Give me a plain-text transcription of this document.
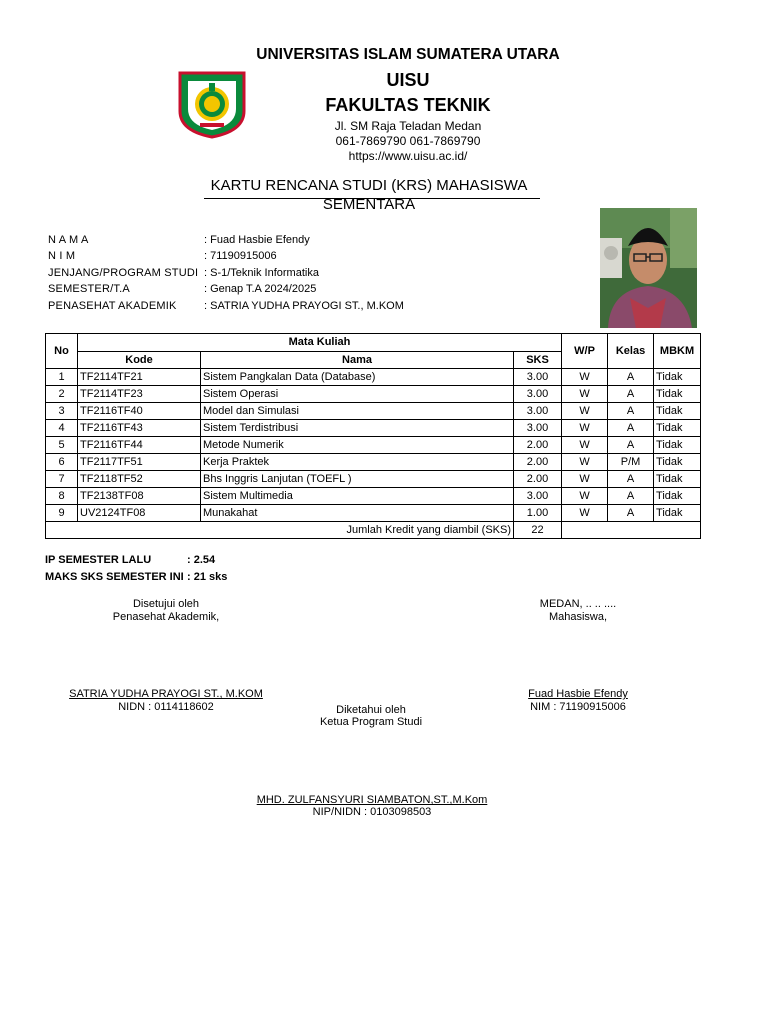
UNIVERSITAS ISLAM SUMATERA UTARA
UISU
FAKULTAS TEKNIK
Jl. SM Raja Teladan Medan
061-7869790 061-7869790
https://www.uisu.ac.id/
KARTU RENCANA STUDI (KRS) MAHASISWA
SEMENTARA
N A M A	: Fuad Hasbie Efendy
N I M	: 71190915006
JENJANG/PROGRAM STUDI : S-1/Teknik Informatika
SEMESTER/T.A	: Genap T.A 2024/2025
PENASEHAT AKADEMIK : SATRIA YUDHA PRAYOGI ST., M.KOM
No	Mata Kuliah			W/P	Kelas	MBKM
	Kode	Nama	SKS			
1	TF2114TF21	Sistem Pangkalan Data (Database)	3.00	W	A	Tidak
2	TF2114TF23	Sistem Operasi	3.00	W	A	Tidak
3	TF2116TF40	Model dan Simulasi	3.00	W	A	Tidak
4	TF2116TF43	Sistem Terdistribusi	3.00	W	A	Tidak
5	TF2116TF44	Metode Numerik	2.00	W	A	Tidak
6	TF2117TF51	Kerja Praktek	2.00	W	P/M	Tidak
7	TF2118TF52	Bhs Inggris Lanjutan (TOEFL )	2.00	W	A	Tidak
8	TF2138TF08	Sistem Multimedia	3.00	W	A	Tidak
9	UV2124TF08	Munakahat	1.00	W	A	Tidak
Jumlah Kredit yang diambil (SKS)			22			
IP SEMESTER LALU	: 2.54
MAKS SKS SEMESTER INI : 21 sks
Disetujui oleh
Penasehat Akademik,
SATRIA YUDHA PRAYOGI ST., M.KOM
NIDN : 0114118602
MEDAN, .. .. ....
Mahasiswa,
Fuad Hasbie Efendy
NIM : 71190915006
Diketahui oleh
Ketua Program Studi
MHD. ZULFANSYURI SIAMBATON,ST.,M.Kom
NIP/NIDN : 0103098503
